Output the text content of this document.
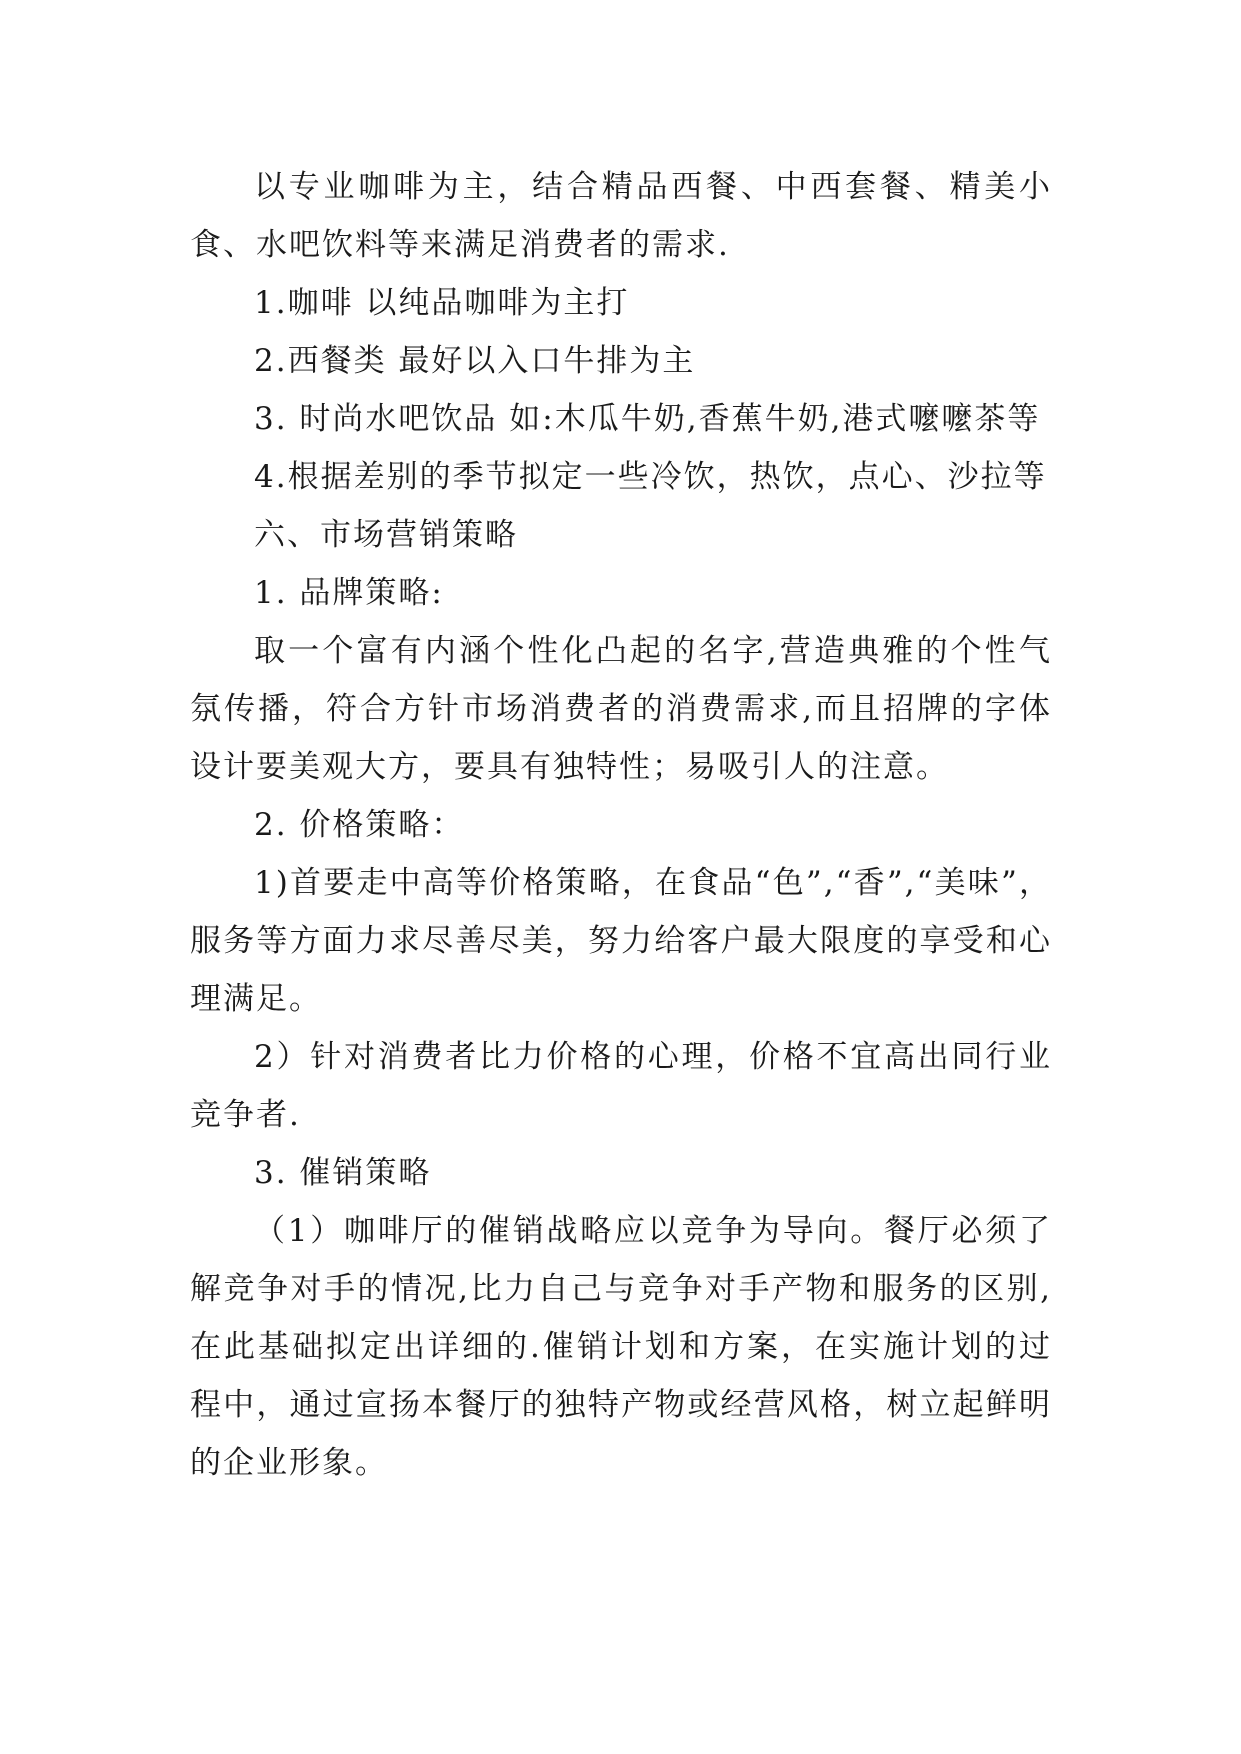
以专业咖啡为主，结合精品西餐、中西套餐、精美小食、水吧饮料等来满足消费者的需求.

1.咖啡 以纯品咖啡为主打

2.西餐类 最好以入口牛排为主

3. 时尚水吧饮品 如:木瓜牛奶,香蕉牛奶,港式嚒嚒茶等

4.根据差别的季节拟定一些冷饮，热饮，点心、沙拉等

六、市场营销策略

1. 品牌策略:

取一个富有内涵个性化凸起的名字,营造典雅的个性气氛传播，符合方针市场消费者的消费需求,而且招牌的字体设计要美观大方，要具有独特性；易吸引人的注意。

2. 价格策略：

1)首要走中高等价格策略，在食品“色”,“香”,“美味”，服务等方面力求尽善尽美，努力给客户最大限度的享受和心理满足。

2）针对消费者比力价格的心理，价格不宜高出同行业竞争者.

3. 催销策略

（1）咖啡厅的催销战略应以竞争为导向。餐厅必须了解竞争对手的情况,比力自己与竞争对手产物和服务的区别,在此基础拟定出详细的.催销计划和方案，在实施计划的过程中，通过宣扬本餐厅的独特产物或经营风格，树立起鲜明的企业形象。
